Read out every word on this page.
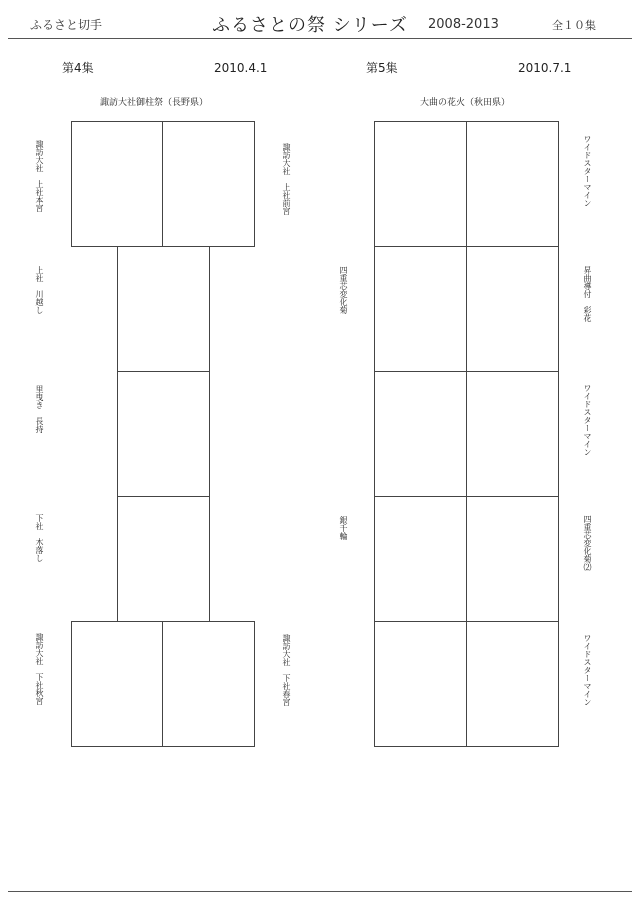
ふるさと切手	ふるさとの祭 シリーズ 2008-2013	全１０集
第4集	2010.4.1
諏訪大社御柱祭（長野県）
諏訪大社　上社本宮	諏訪大社　上社前宮
上社　川越し
里曳き　長持
下社　木落し
諏訪大社　下社秋宮	諏訪大社　下社春宮
第5集	2010.7.1
大曲の花火（秋田県）
ワイドスターマイン
四重芯変化菊	昇曲導付　彩花
ワイドスターマイン
銀千輪	四重芯変化菊⑵
ワイドスターマイン
